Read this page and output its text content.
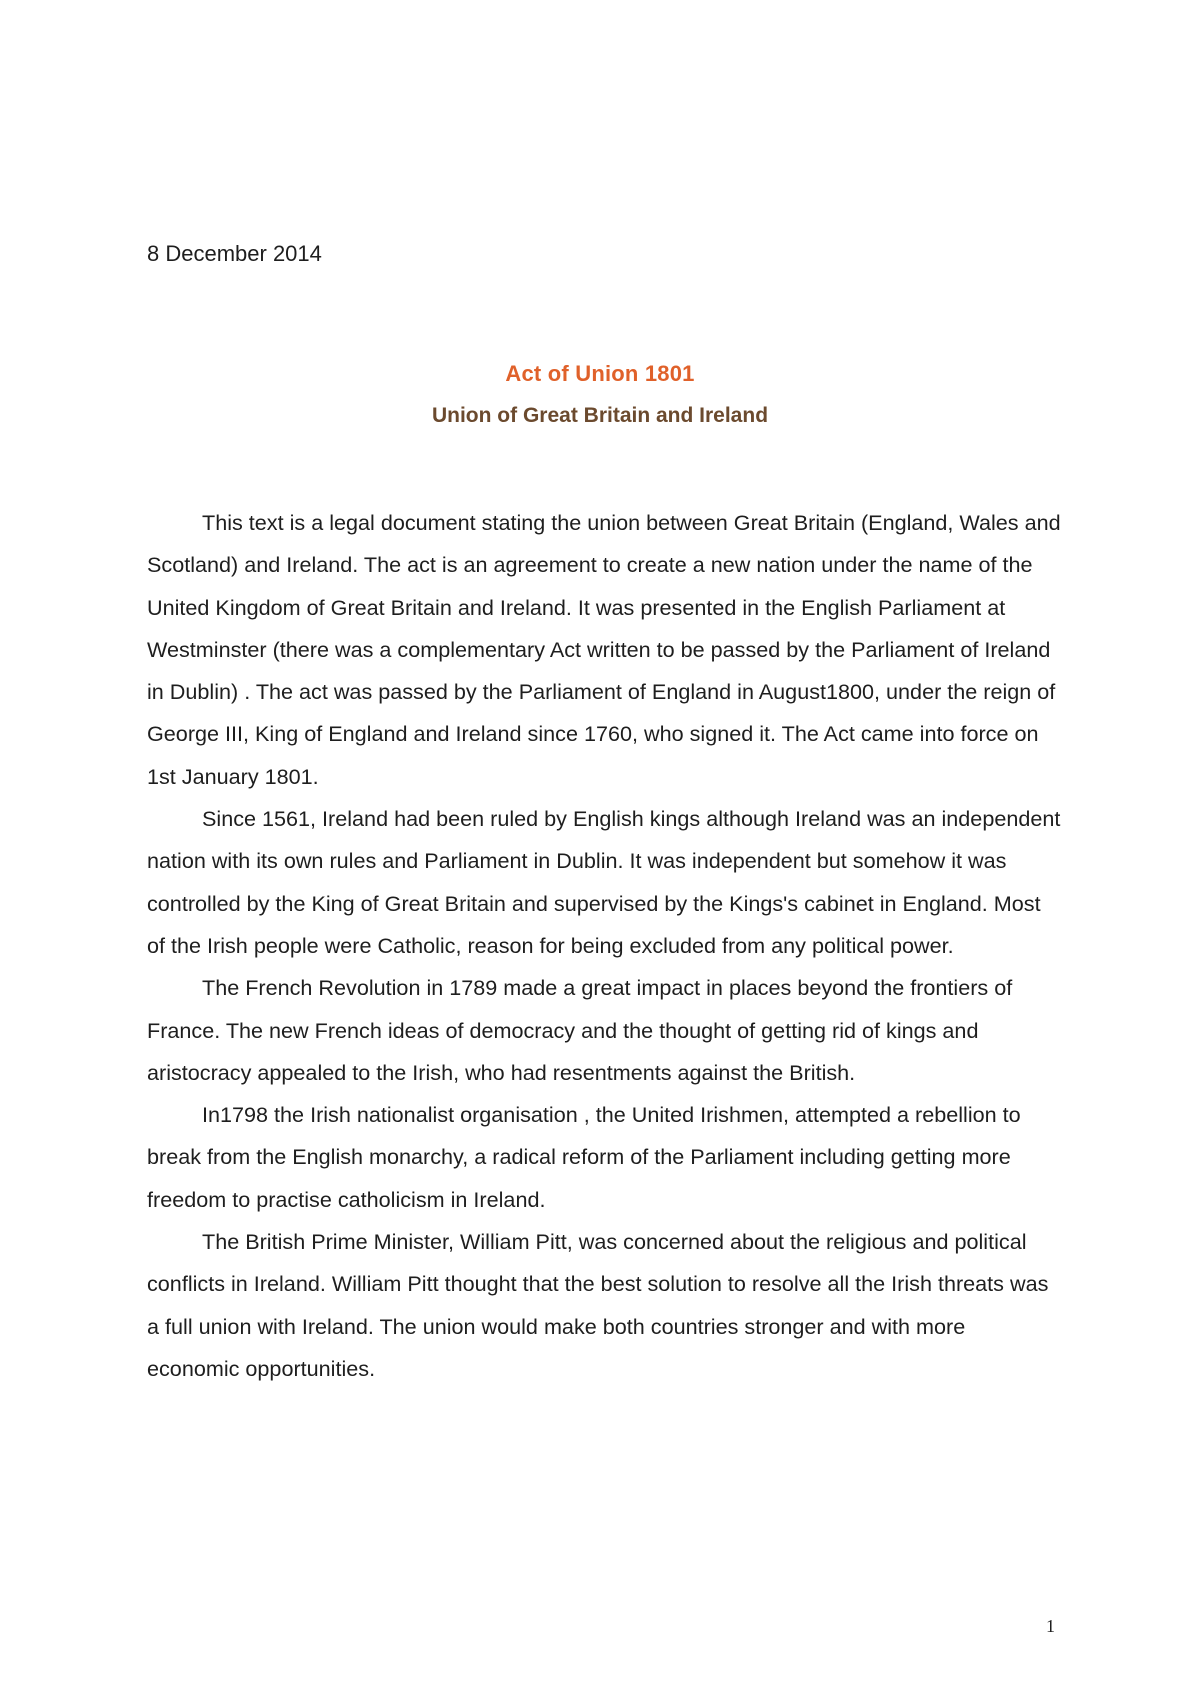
8 December 2014

Act of Union 1801
Union of Great Britain and Ireland

This text is a legal document stating the union between Great Britain (England, Wales and Scotland) and Ireland. The act is an agreement to create a new nation under the name of the United Kingdom of Great Britain and Ireland. It was presented in the English Parliament at Westminster (there was a complementary Act written to be passed by the Parliament of Ireland in Dublin) . The act was passed by the Parliament of England in August1800, under the reign of George III, King of England and Ireland since 1760, who signed it. The Act came into force on 1st January 1801.

Since 1561, Ireland had been ruled by English kings although Ireland was an independent nation with its own rules and Parliament in Dublin. It was independent but somehow it was controlled by the King of Great Britain and supervised by the Kings's cabinet in England. Most of the Irish people were Catholic, reason for being excluded from any political power.

The French Revolution in 1789 made a great impact in places beyond the frontiers of France. The new French ideas of democracy and the thought of getting rid of kings and aristocracy appealed to the Irish, who had resentments against the British.

In1798 the Irish nationalist organisation , the United Irishmen, attempted a rebellion to break from the English monarchy, a radical reform of the Parliament including getting more freedom to practise catholicism in Ireland.

The British Prime Minister, William Pitt, was concerned about the religious and political conflicts in Ireland. William Pitt thought that the best solution to resolve all the Irish threats was a full union with Ireland. The union would make both countries stronger and with more economic opportunities.

1
